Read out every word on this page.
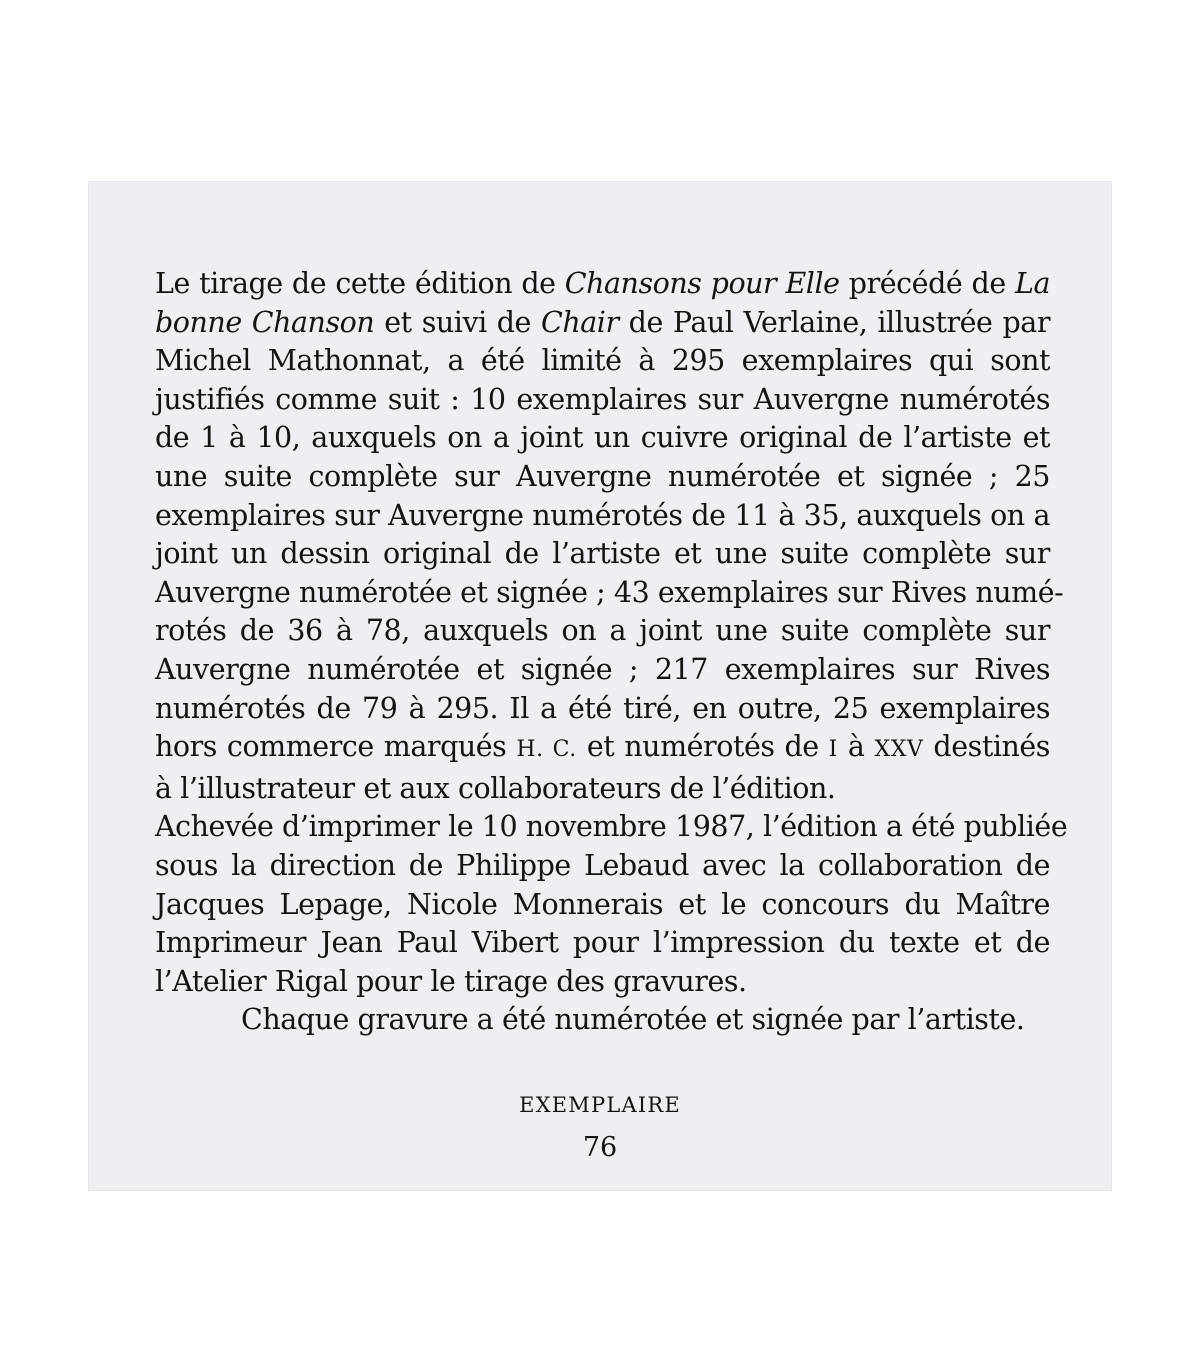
Le tirage de cette édition de Chansons pour Elle précédé de La
bonne Chanson et suivi de Chair de Paul Verlaine, illustrée par
Michel Mathonnat, a été limité à 295 exemplaires qui sont
justifiés comme suit : 10 exemplaires sur Auvergne numérotés
de 1 à 10, auxquels on a joint un cuivre original de l’artiste et
une suite complète sur Auvergne numérotée et signée ; 25
exemplaires sur Auvergne numérotés de 11 à 35, auxquels on a
joint un dessin original de l’artiste et une suite complète sur
Auvergne numérotée et signée ; 43 exemplaires sur Rives numé-
rotés de 36 à 78, auxquels on a joint une suite complète sur
Auvergne numérotée et signée ; 217 exemplaires sur Rives
numérotés de 79 à 295. Il a été tiré, en outre, 25 exemplaires
hors commerce marqués H. C. et numérotés de I à XXV destinés
à l’illustrateur et aux collaborateurs de l’édition.
Achevée d’imprimer le 10 novembre 1987, l’édition a été publiée
sous la direction de Philippe Lebaud avec la collaboration de
Jacques Lepage, Nicole Monnerais et le concours du Maître
Imprimeur Jean Paul Vibert pour l’impression du texte et de
l’Atelier Rigal pour le tirage des gravures.
Chaque gravure a été numérotée et signée par l’artiste.
EXEMPLAIRE
76
